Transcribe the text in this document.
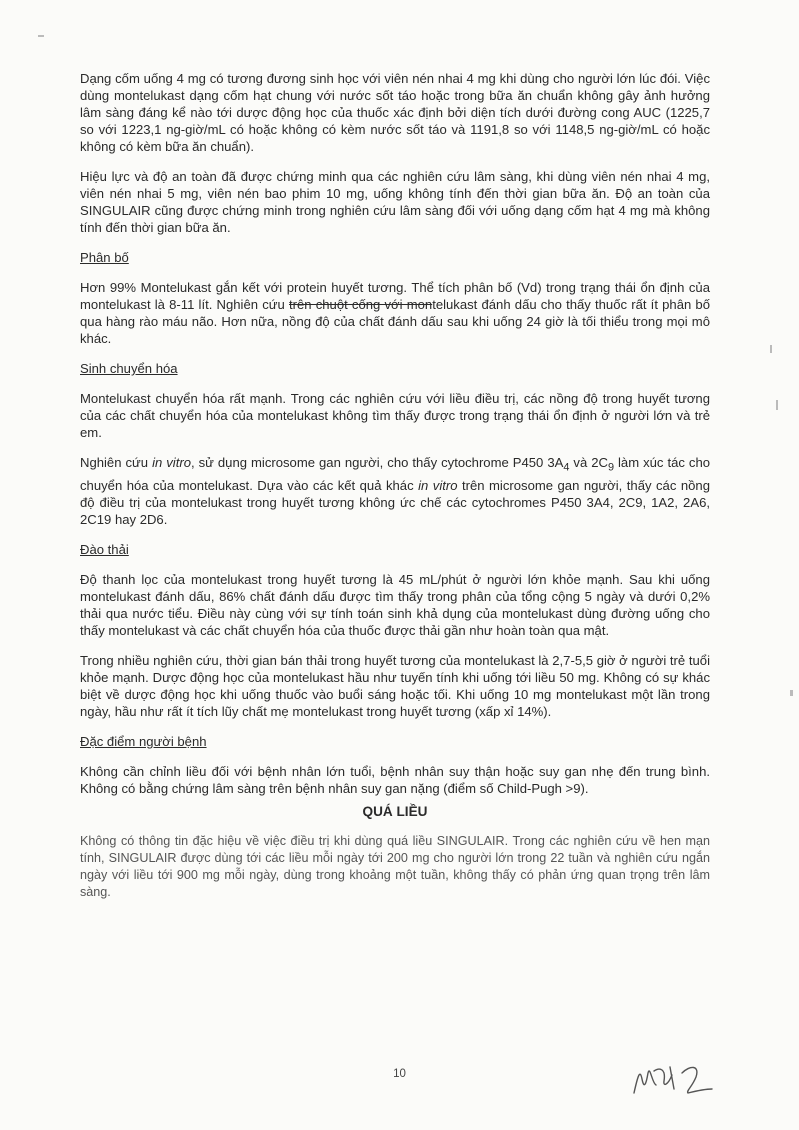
Dạng cốm uống 4 mg có tương đương sinh học với viên nén nhai 4 mg khi dùng cho người lớn lúc đói. Việc dùng montelukast dạng cốm hạt chung với nước sốt táo hoặc trong bữa ăn chuẩn không gây ảnh hưởng lâm sàng đáng kể nào tới dược động học của thuốc xác định bởi diện tích dưới đường cong AUC (1225,7 so với 1223,1 ng-giờ/mL có hoặc không có kèm nước sốt táo và 1191,8 so với 1148,5 ng-giờ/mL có hoặc không có kèm bữa ăn chuẩn).

Hiệu lực và độ an toàn đã được chứng minh qua các nghiên cứu lâm sàng, khi dùng viên nén nhai 4 mg, viên nén nhai 5 mg, viên nén bao phim 10 mg, uống không tính đến thời gian bữa ăn. Độ an toàn của SINGULAIR cũng được chứng minh trong nghiên cứu lâm sàng đối với uống dạng cốm hạt 4 mg mà không tính đến thời gian bữa ăn.

Phân bố

Hơn 99% Montelukast gắn kết với protein huyết tương. Thể tích phân bố (Vd) trong trạng thái ổn định của montelukast là 8-11 lít. Nghiên cứu trên chuột cống với montelukast đánh dấu cho thấy thuốc rất ít phân bố qua hàng rào máu não. Hơn nữa, nồng độ của chất đánh dấu sau khi uống 24 giờ là tối thiểu trong mọi mô khác.

Sinh chuyển hóa

Montelukast chuyển hóa rất mạnh. Trong các nghiên cứu với liều điều trị, các nồng độ trong huyết tương của các chất chuyển hóa của montelukast không tìm thấy được trong trạng thái ổn định ở người lớn và trẻ em.

Nghiên cứu in vitro, sử dụng microsome gan người, cho thấy cytochrome P450 $3A_4$ và $2C_9$ làm xúc tác cho chuyển hóa của montelukast. Dựa vào các kết quả khác in vitro trên microsome gan người, thấy các nồng độ điều trị của montelukast trong huyết tương không ức chế các cytochromes P450 3A4, 2C9, 1A2, 2A6, 2C19 hay 2D6.

Đào thải

Độ thanh lọc của montelukast trong huyết tương là 45 mL/phút ở người lớn khỏe mạnh. Sau khi uống montelukast đánh dấu, 86% chất đánh dấu được tìm thấy trong phân của tổng cộng 5 ngày và dưới 0,2% thải qua nước tiểu. Điều này cùng với sự tính toán sinh khả dụng của montelukast dùng đường uống cho thấy montelukast và các chất chuyển hóa của thuốc được thải gần như hoàn toàn qua mật.

Trong nhiều nghiên cứu, thời gian bán thải trong huyết tương của montelukast là 2,7-5,5 giờ ở người trẻ tuổi khỏe mạnh. Dược động học của montelukast hầu như tuyến tính khi uống tới liều 50 mg. Không có sự khác biệt về dược động học khi uống thuốc vào buổi sáng hoặc tối. Khi uống 10 mg montelukast một lần trong ngày, hầu như rất ít tích lũy chất mẹ montelukast trong huyết tương (xấp xỉ 14%).

Đặc điểm người bệnh

Không cần chỉnh liều đối với bệnh nhân lớn tuổi, bệnh nhân suy thận hoặc suy gan nhẹ đến trung bình. Không có bằng chứng lâm sàng trên bệnh nhân suy gan nặng (điểm số Child-Pugh >9).

QUÁ LIỀU

Không có thông tin đặc hiệu về việc điều trị khi dùng quá liều SINGULAIR. Trong các nghiên cứu về hen mạn tính, SINGULAIR được dùng tới các liều mỗi ngày tới 200 mg cho người lớn trong 22 tuần và nghiên cứu ngắn ngày với liều tới 900 mg mỗi ngày, dùng trong khoảng một tuần, không thấy có phản ứng quan trọng trên lâm sàng.

10
